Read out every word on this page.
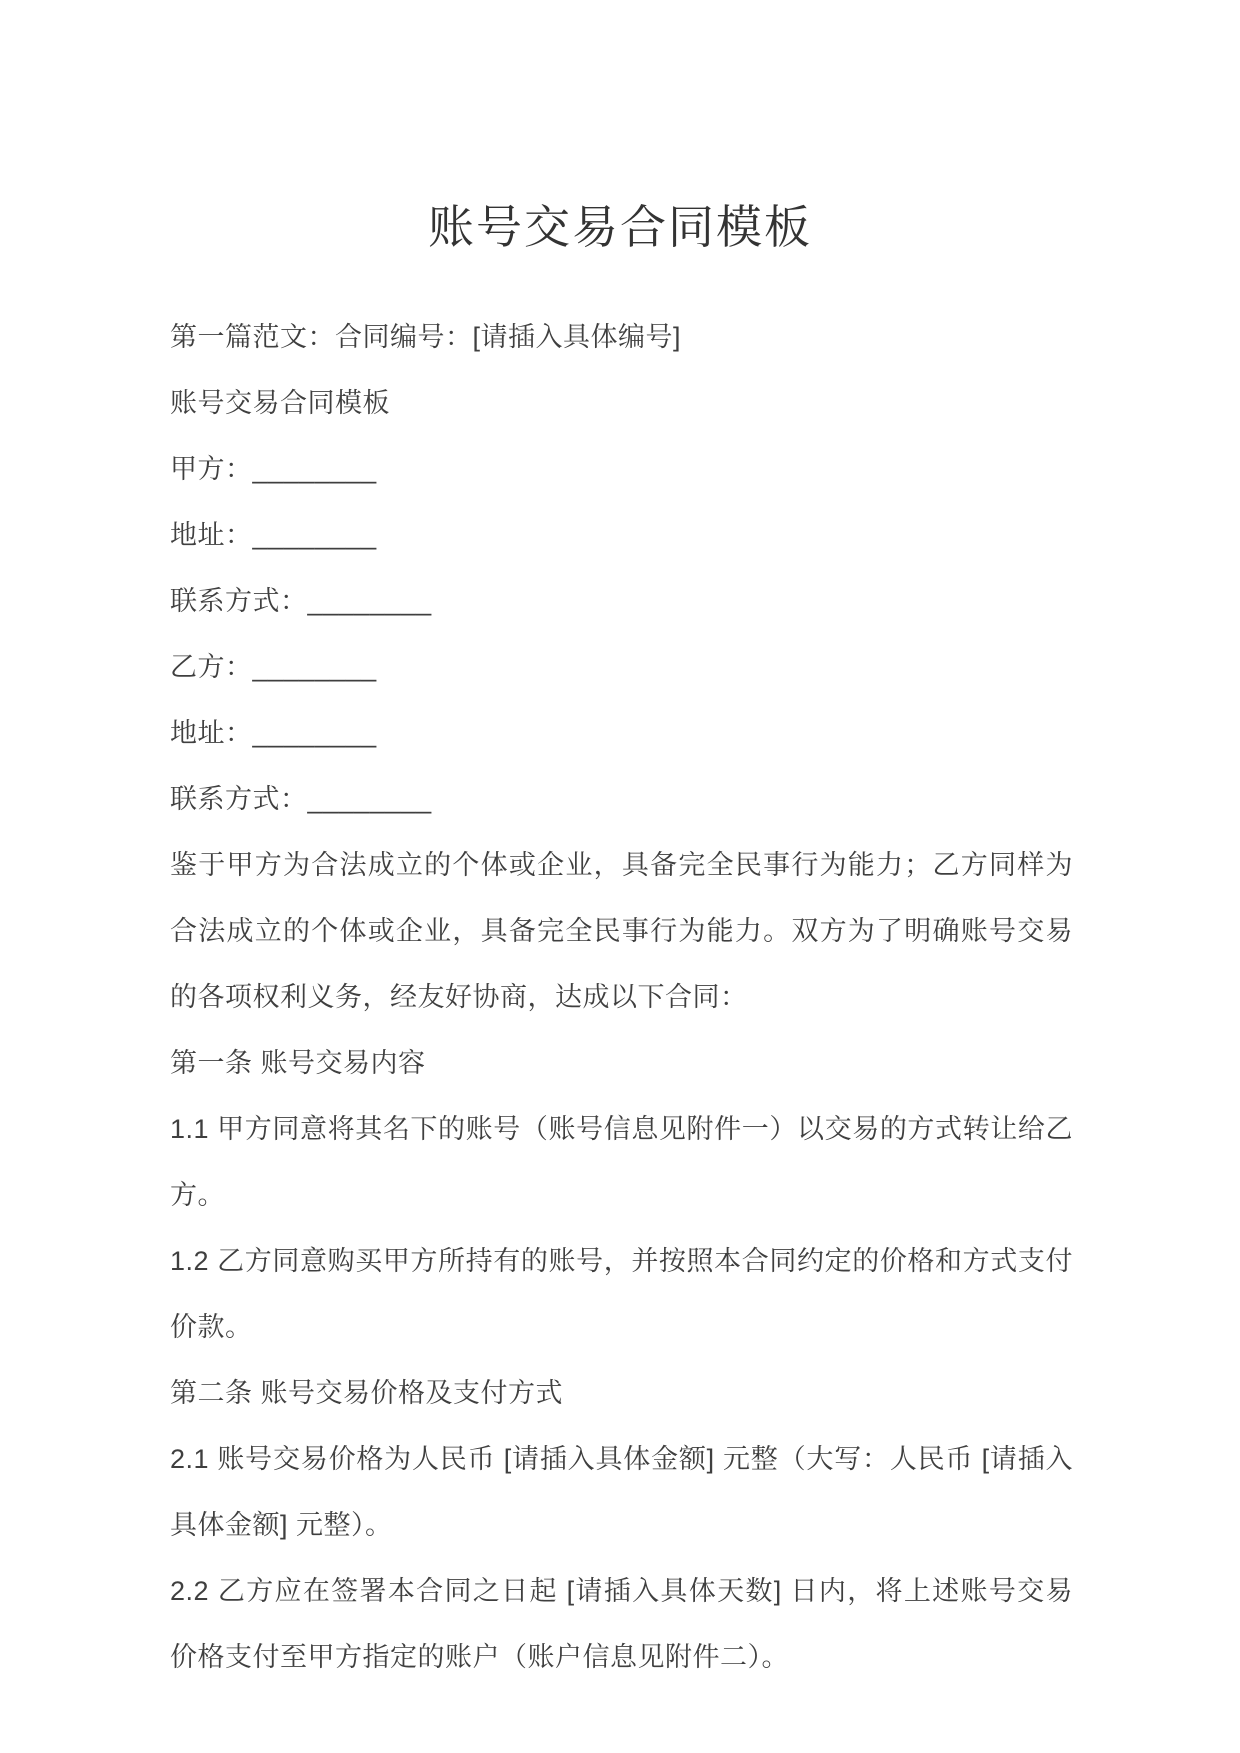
账号交易合同模板

第一篇范文：合同编号：[请插入具体编号]

账号交易合同模板

甲方：________

地址：________

联系方式：________

乙方：________

地址：________

联系方式：________

鉴于甲方为合法成立的个体或企业，具备完全民事行为能力；乙方同样为合法成立的个体或企业，具备完全民事行为能力。双方为了明确账号交易的各项权利义务，经友好协商，达成以下合同：

第一条 账号交易内容

1.1 甲方同意将其名下的账号（账号信息见附件一）以交易的方式转让给乙方。

1.2 乙方同意购买甲方所持有的账号，并按照本合同约定的价格和方式支付价款。

第二条 账号交易价格及支付方式

2.1 账号交易价格为人民币 [请插入具体金额] 元整（大写：人民币 [请插入具体金额] 元整）。

2.2 乙方应在签署本合同之日起 [请插入具体天数] 日内，将上述账号交易价格支付至甲方指定的账户（账户信息见附件二）。
